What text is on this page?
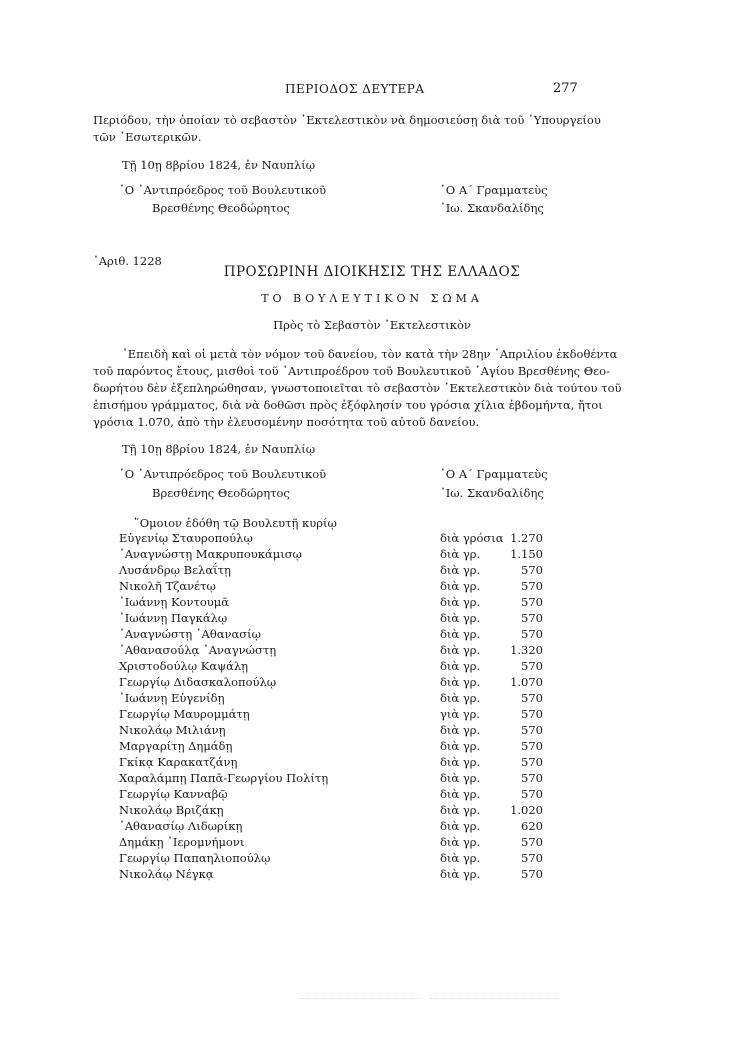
ΠΕΡΙΟΔΟΣ ΔΕΥΤΕΡΑ	277
Περιόδου, τὴν ὁποίαν τὸ σεβαστὸν ᾿Εκτελεστικὸν νὰ δημοσιεύσῃ διὰ τοῦ ῾Υπουργείου
τῶν ᾿Εσωτερικῶν.
Τῇ 10ῃ 8βρίου 1824, ἐν Ναυπλίῳ
῾Ο ᾿Αντιπρόεδρος τοῦ Βουλευτικοῦ
Βρεσθένης Θεοδώρητος
῾Ο Α΄ Γραμματεὺς
᾿Ιω. Σκανδαλίδης
᾿Αριθ. 1228
ΠΡΟΣΩΡΙΝΗ ΔΙΟΙΚΗΣΙΣ ΤΗΣ ΕΛΛΑΔΟΣ
ΤΟ ΒΟΥΛΕΥΤΙΚΟΝ ΣΩΜΑ
Πρὸς τὸ Σεβαστὸν ᾿Εκτελεστικὸν
᾿Επειδὴ καὶ οἱ μετὰ τὸν νόμον τοῦ δανείου, τὸν κατὰ τὴν 28ην ᾿Απριλίου ἐκδοθέντα
τοῦ παρόντος ἔτους, μισθοὶ τοῦ ᾿Αντιπροέδρου τοῦ Βουλευτικοῦ ῾Αγίου Βρεσθένης Θεο-
δωρήτου δὲν ἐξεπληρώθησαν, γνωστοποιεῖται τὸ σεβαστὸν ᾿Εκτελεστικὸν διὰ τούτου τοῦ
ἐπισήμου γράμματος, διὰ νὰ δοθῶσι πρὸς ἐξόφλησίν του γρόσια χίλια ἑβδομήντα, ἤτοι
γρόσια 1.070, ἀπὸ τὴν ἐλευσομένην ποσότητα τοῦ αὐτοῦ δανείου.
Τῇ 10ῃ 8βρίου 1824, ἐν Ναυπλίῳ
῾Ο ᾿Αντιπρόεδρος τοῦ Βουλευτικοῦ
Βρεσθένης Θεοδώρητος
῾Ο Α΄ Γραμματεὺς
᾿Ιω. Σκανδαλίδης
῞Ομοιον ἐδόθη τῷ Βουλευτῇ κυρίῳ
Εὐγενίῳ Σταυροπούλῳ	διὰ γρόσια 1.270
᾿Αναγνώστῃ Μακρυπουκάμισῳ	διὰ γρ.	1.150
Λυσάνδρῳ Βελαΐτῃ	διὰ γρ.	570
Νικολῆ Τζανέτῳ	διὰ γρ.	570
᾿Ιωάννῃ Κοντουμᾶ	διὰ γρ.	570
᾿Ιωάννῃ Παγκάλῳ	διὰ γρ.	570
᾿Αναγνώστῃ ᾿Αθανασίῳ	διὰ γρ.	570
᾿Αθανασούλᾳ ᾿Αναγνώστῃ	διὰ γρ.	1.320
Χριστοδούλῳ Καψάλῃ	διὰ γρ.	570
Γεωργίῳ Διδασκαλοπούλῳ	διὰ γρ.	1.070
᾿Ιωάννῃ Εὐγενίδῃ	διὰ γρ.	570
Γεωργίῳ Μαυρομμάτῃ	γιὰ γρ.	570
Νικολάῳ Μιλιάνῃ	διὰ γρ.	570
Μαργαρίτῃ Δημάδῃ	διὰ γρ.	570
Γκίκᾳ Καρακατζάνῃ	διὰ γρ.	570
Χαραλάμπῃ Παπᾶ-Γεωργίου Πολίτῃ	διὰ γρ.	570
Γεωργίῳ Κανναβῷ	διὰ γρ.	570
Νικολάῳ Βριζάκῃ	διὰ γρ.	1.020
᾿Αθανασίῳ Λιδωρίκῃ	διὰ γρ.	620
Δημάκῃ ῾Ιερομνήμονι	διὰ γρ.	570
Γεωργίῳ Παπαηλιοπούλῳ	διὰ γρ.	570
Νικολάῳ Νέγκᾳ	διὰ γρ.	570
